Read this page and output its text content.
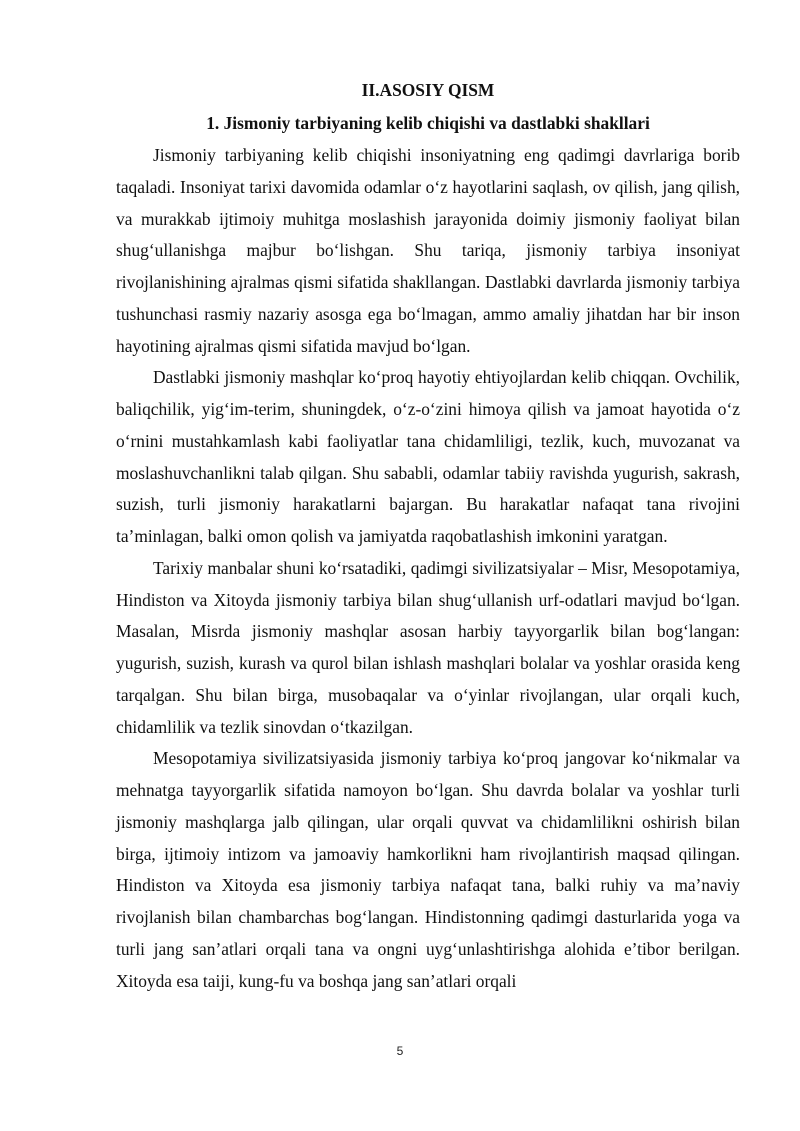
II.ASOSIY QISM

1. Jismoniy tarbiyaning kelib chiqishi va dastlabki shakllari

Jismoniy tarbiyaning kelib chiqishi insoniyatning eng qadimgi davrlariga borib taqaladi. Insoniyat tarixi davomida odamlar o‘z hayotlarini saqlash, ov qilish, jang qilish, va murakkab ijtimoiy muhitga moslashish jarayonida doimiy jismoniy faoliyat bilan shug‘ullanishga majbur bo‘lishgan. Shu tariqa, jismoniy tarbiya insoniyat rivojlanishining ajralmas qismi sifatida shakllangan. Dastlabki davrlarda jismoniy tarbiya tushunchasi rasmiy nazariy asosga ega bo‘lmagan, ammo amaliy jihatdan har bir inson hayotining ajralmas qismi sifatida mavjud bo‘lgan.

Dastlabki jismoniy mashqlar ko‘proq hayotiy ehtiyojlardan kelib chiqqan. Ovchilik, baliqchilik, yig‘im-terim, shuningdek, o‘z-o‘zini himoya qilish va jamoat hayotida o‘z o‘rnini mustahkamlash kabi faoliyatlar tana chidamliligi, tezlik, kuch, muvozanat va moslashuvchanlikni talab qilgan. Shu sababli, odamlar tabiiy ravishda yugurish, sakrash, suzish, turli jismoniy harakatlarni bajargan. Bu harakatlar nafaqat tana rivojini ta’minlagan, balki omon qolish va jamiyatda raqobatlashish imkonini yaratgan.

Tarixiy manbalar shuni ko‘rsatadiki, qadimgi sivilizatsiyalar – Misr, Mesopotamiya, Hindiston va Xitoyda jismoniy tarbiya bilan shug‘ullanish urf-odatlari mavjud bo‘lgan. Masalan, Misrda jismoniy mashqlar asosan harbiy tayyorgarlik bilan bog‘langan: yugurish, suzish, kurash va qurol bilan ishlash mashqlari bolalar va yoshlar orasida keng tarqalgan. Shu bilan birga, musobaqalar va o‘yinlar rivojlangan, ular orqali kuch, chidamlilik va tezlik sinovdan o‘tkazilgan.

Mesopotamiya sivilizatsiyasida jismoniy tarbiya ko‘proq jangovar ko‘nikmalar va mehnatga tayyorgarlik sifatida namoyon bo‘lgan. Shu davrda bolalar va yoshlar turli jismoniy mashqlarga jalb qilingan, ular orqali quvvat va chidamlilikni oshirish bilan birga, ijtimoiy intizom va jamoaviy hamkorlikni ham rivojlantirish maqsad qilingan. Hindiston va Xitoyda esa jismoniy tarbiya nafaqat tana, balki ruhiy va ma’naviy rivojlanish bilan chambarchas bog‘langan. Hindistonning qadimgi dasturlarida yoga va turli jang san’atlari orqali tana va ongni uyg‘unlashtirishga alohida e’tibor berilgan. Xitoyda esa taiji, kung-fu va boshqa jang san’atlari orqali

5
